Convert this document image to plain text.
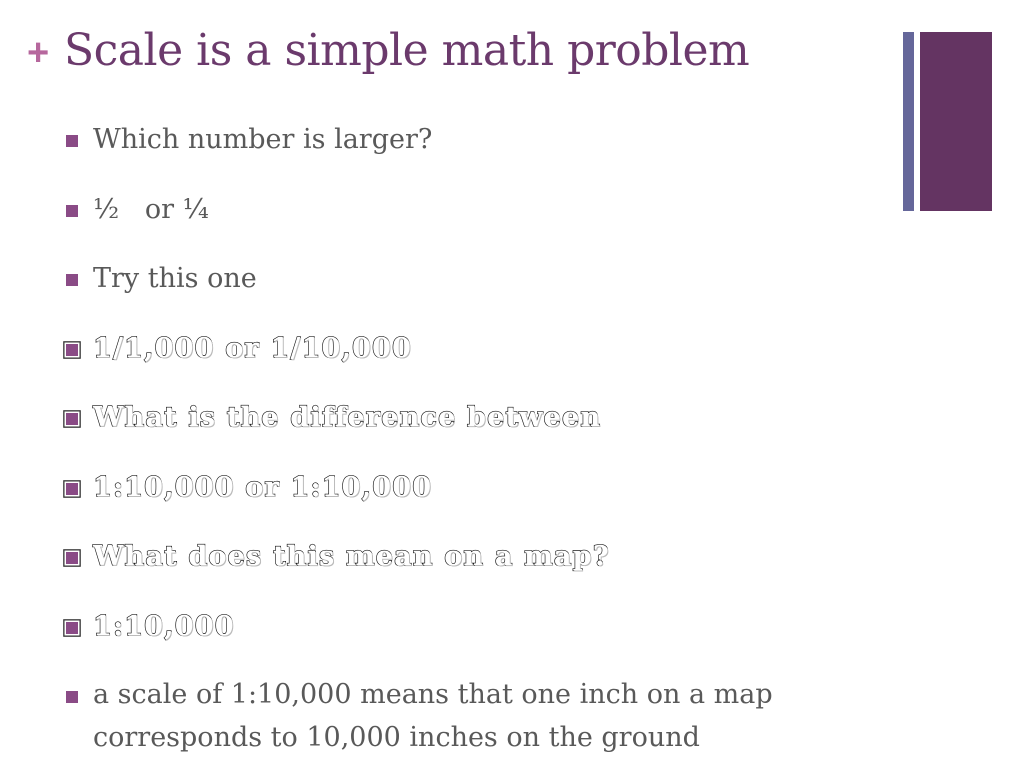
+ Scale is a simple math problem
Which number is larger?
½   or ¼
Try this one
1/1,000 or 1/10,000
What is the difference between
1:10,000 or 1:10,000
What does this mean on a map?
1:10,000
a scale of 1:10,000 means that one inch on a map corresponds to 10,000 inches on the ground
